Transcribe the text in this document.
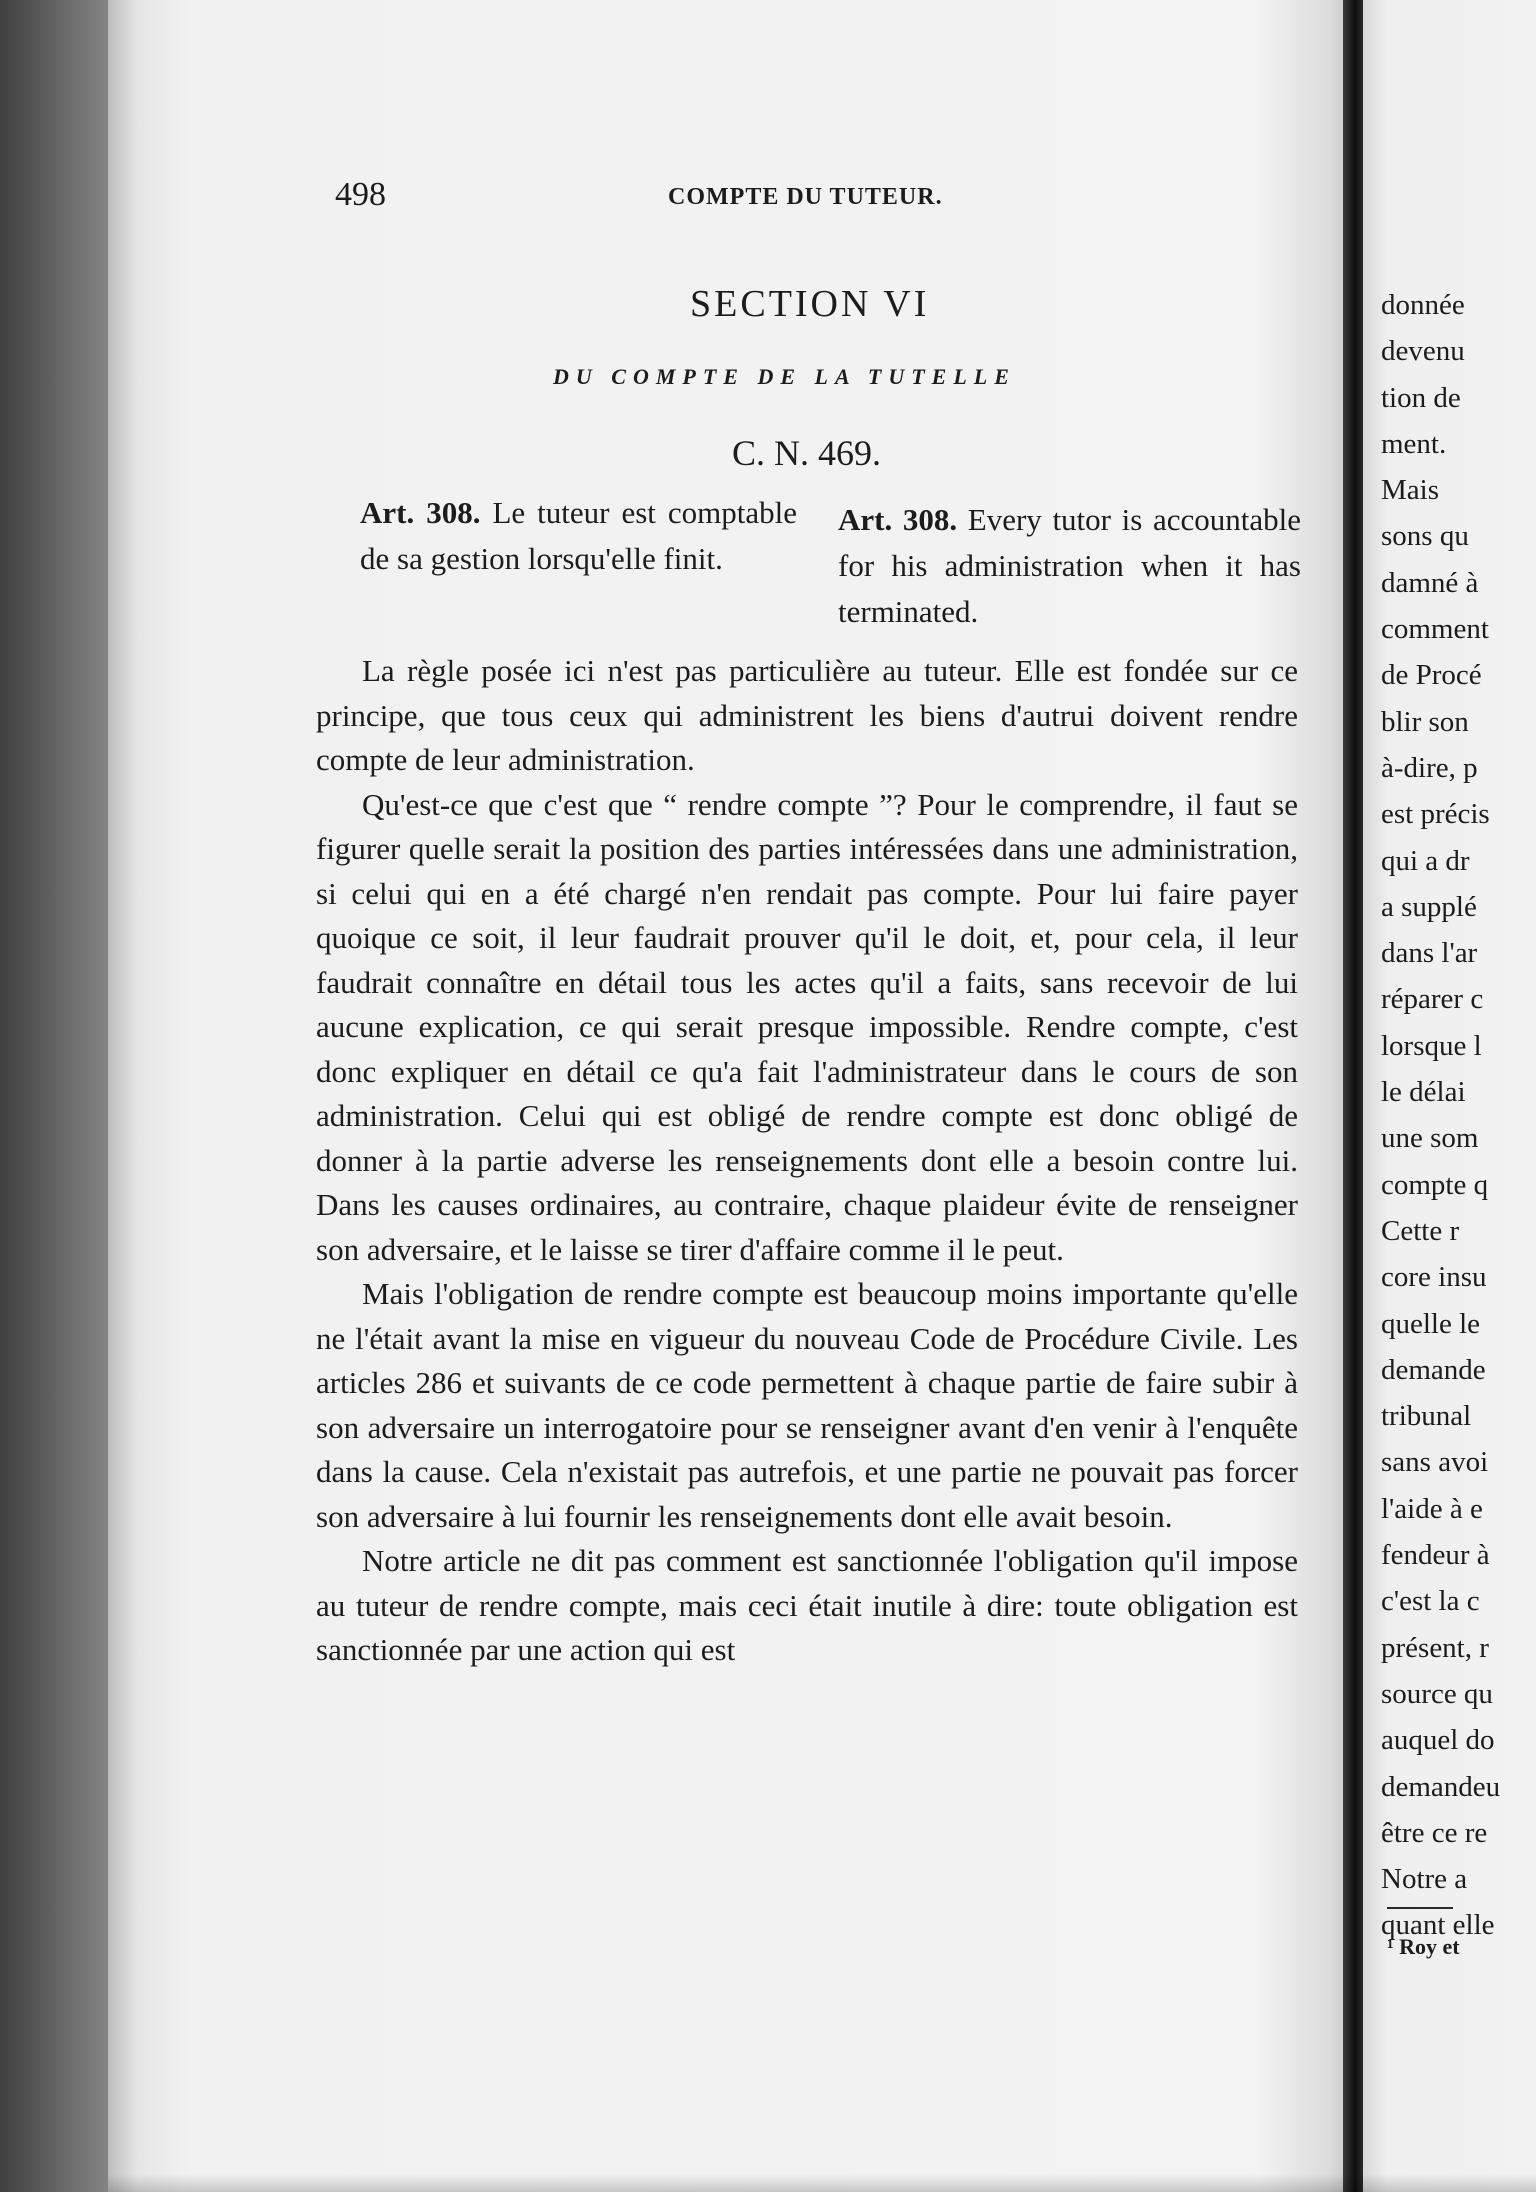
donnée
devenu
tion de
ment.
Mais
sons qu
damné à
comment
de Procé
blir son
à-dire, p
est précis
qui a dr
a supplé
dans l'ar
réparer c
lorsque l
le délai
une som
compte q
Cette r
core insu
quelle le
demande
tribunal
sans avoi
l'aide à e
fendeur à
c'est la c
présent, r
source qu
auquel do
demandeu
être ce re
Notre a
quant elle
¹ Roy et
498	COMPTE DU TUTEUR.
SECTION VI
DU COMPTE DE LA TUTELLE
C. N. 469.
Art. 308. Le tuteur est comptable de sa gestion lorsqu'elle finit.
Art. 308. Every tutor is accountable for his administration when it has terminated.

La règle posée ici n'est pas particulière au tuteur. Elle est fondée sur ce principe, que tous ceux qui administrent les biens d'autrui doivent rendre compte de leur administration.

Qu'est-ce que c'est que “ rendre compte ”? Pour le comprendre, il faut se figurer quelle serait la position des parties intéressées dans une administration, si celui qui en a été chargé n'en rendait pas compte. Pour lui faire payer quoique ce soit, il leur faudrait prouver qu'il le doit, et, pour cela, il leur faudrait connaître en détail tous les actes qu'il a faits, sans recevoir de lui aucune explication, ce qui serait presque impossible. Rendre compte, c'est donc expliquer en détail ce qu'a fait l'administrateur dans le cours de son administration. Celui qui est obligé de rendre compte est donc obligé de donner à la partie adverse les renseignements dont elle a besoin contre lui. Dans les causes ordinaires, au contraire, chaque plaideur évite de renseigner son adversaire, et le laisse se tirer d'affaire comme il le peut.

Mais l'obligation de rendre compte est beaucoup moins importante qu'elle ne l'était avant la mise en vigueur du nouveau Code de Procédure Civile. Les articles 286 et suivants de ce code permettent à chaque partie de faire subir à son adversaire un interrogatoire pour se renseigner avant d'en venir à l'enquête dans la cause. Cela n'existait pas autrefois, et une partie ne pouvait pas forcer son adversaire à lui fournir les renseignements dont elle avait besoin.

Notre article ne dit pas comment est sanctionnée l'obligation qu'il impose au tuteur de rendre compte, mais ceci était inutile à dire: toute obligation est sanctionnée par une action qui est
